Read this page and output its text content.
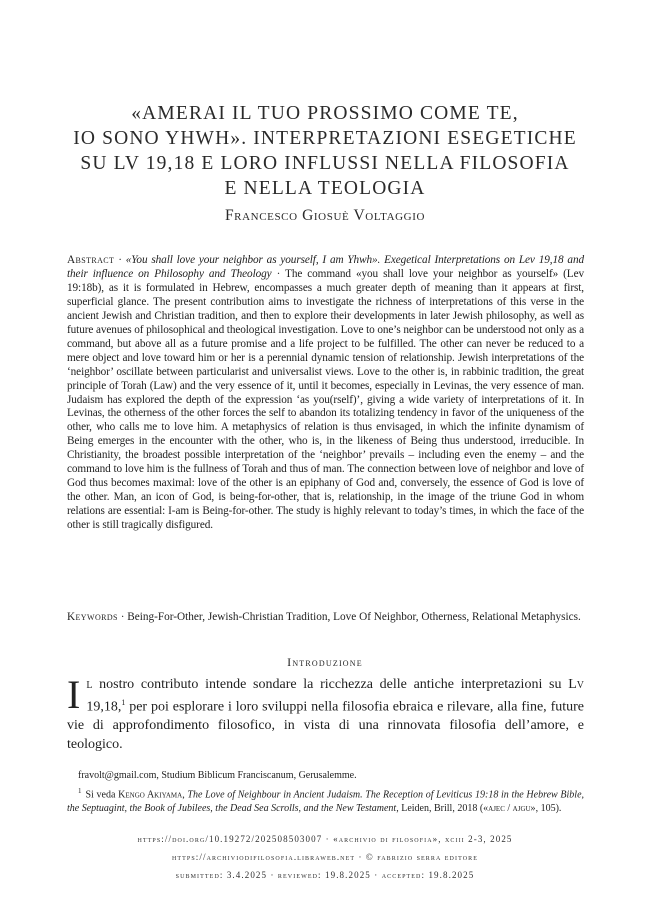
«AMERAI IL TUO PROSSIMO COME TE,
IO SONO YHWH». INTERPRETAZIONI ESEGETICHE
SU LV 19,18 E LORO INFLUSSI NELLA FILOSOFIA
E NELLA TEOLOGIA
Francesco Giosuè Voltaggio
Abstract · «You shall love your neighbor as yourself, I am Yhwh». Exegetical Interpretations on Lev 19,18 and their influence on Philosophy and Theology · The command «you shall love your neighbor as yourself» (Lev 19:18b), as it is formulated in Hebrew, encompasses a much greater depth of meaning than it appears at first, superficial glance. The present contribution aims to investigate the richness of interpretations of this verse in the ancient Jewish and Christian tradition, and then to explore their developments in later Jewish philosophy, as well as future avenues of philosophical and theological investigation. Love to one’s neighbor can be understood not only as a command, but above all as a future promise and a life project to be fulfilled. The other can never be reduced to a mere object and love toward him or her is a perennial dynamic tension of relationship. Jewish interpretations of the ‘neighbor’ oscillate between particularist and universalist views. Love to the other is, in rabbinic tradition, the great principle of Torah (Law) and the very essence of it, until it becomes, especially in Levinas, the very essence of man. Judaism has explored the depth of the expression ‘as you(rself)’, giving a wide variety of interpretations of it. In Levinas, the otherness of the other forces the self to abandon its totalizing tendency in favor of the uniqueness of the other, who calls me to love him. A metaphysics of relation is thus envisaged, in which the infinite dynamism of Being emerges in the encounter with the other, who is, in the likeness of Being thus understood, irreducible. In Christianity, the broadest possible interpretation of the ‘neighbor’ prevails – including even the enemy – and the command to love him is the fullness of Torah and thus of man. The connection between love of neighbor and love of God thus becomes maximal: love of the other is an epiphany of God and, conversely, the essence of God is love of the other. Man, an icon of God, is being-for-other, that is, relationship, in the image of the triune God in whom relations are essential: I-am is Being-for-other. The study is highly relevant to today’s times, in which the face of the other is still tragically disfigured.
Keywords · Being-For-Other, Jewish-Christian Tradition, Love Of Neighbor, Otherness, Relational Metaphysics.
Introduzione
Il nostro contributo intende sondare la ricchezza delle antiche interpretazioni su Lv 19,18,$^1$ per poi esplorare i loro sviluppi nella filosofia ebraica e rilevare, alla fine, future vie di approfondimento filosofico, in vista di una rinnovata filosofia dell’amore, e teologico.
fravolt@gmail.com, Studium Biblicum Franciscanum, Gerusalemme.
$^1$ Si veda Kengo Akiyama, The Love of Neighbour in Ancient Judaism. The Reception of Leviticus 19:18 in the Hebrew Bible, the Septuagint, the Book of Jubilees, the Dead Sea Scrolls, and the New Testament, Leiden, Brill, 2018 («ajec / ajgu», 105).
https://doi.org/10.19272/202508503007 · «archivio di filosofia», xciii 2-3, 2025
https://archiviodifilosofia.libraweb.net · © fabrizio serra editore
submitted: 3.4.2025 · reviewed: 19.8.2025 · accepted: 19.8.2025
